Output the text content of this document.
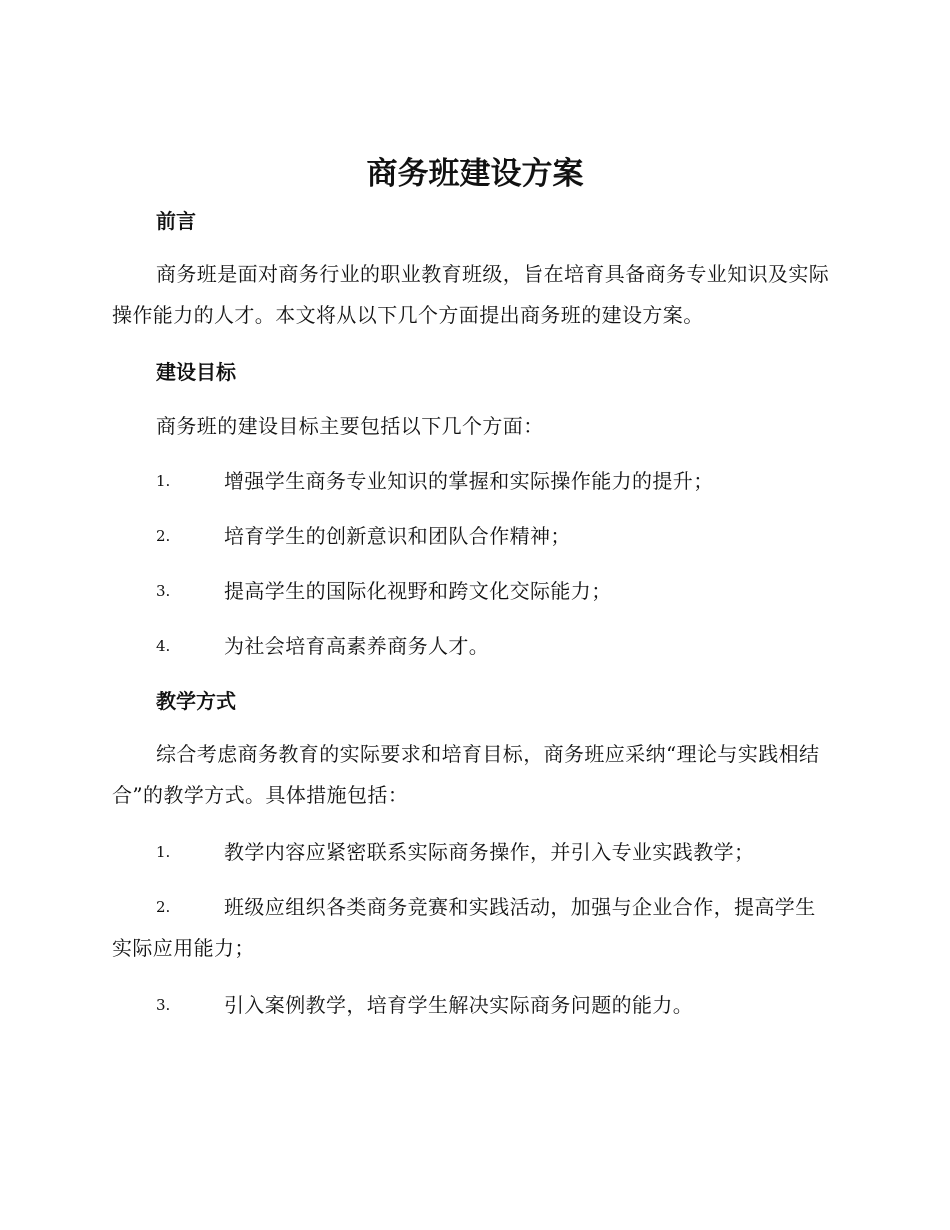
商务班建设方案
前言
商务班是面对商务行业的职业教育班级，旨在培育具备商务专业知识及实际操作能力的人才。本文将从以下几个方面提出商务班的建设方案。
建设目标
商务班的建设目标主要包括以下几个方面：
1.	增强学生商务专业知识的掌握和实际操作能力的提升；
2.	培育学生的创新意识和团队合作精神；
3.	提高学生的国际化视野和跨文化交际能力；
4.	为社会培育高素养商务人才。
教学方式
综合考虑商务教育的实际要求和培育目标，商务班应采纳“理论与实践相结合”的教学方式。具体措施包括：
1.	教学内容应紧密联系实际商务操作，并引入专业实践教学；
2.	班级应组织各类商务竞赛和实践活动，加强与企业合作，提高学生实际应用能力；
3.	引入案例教学，培育学生解决实际商务问题的能力。
